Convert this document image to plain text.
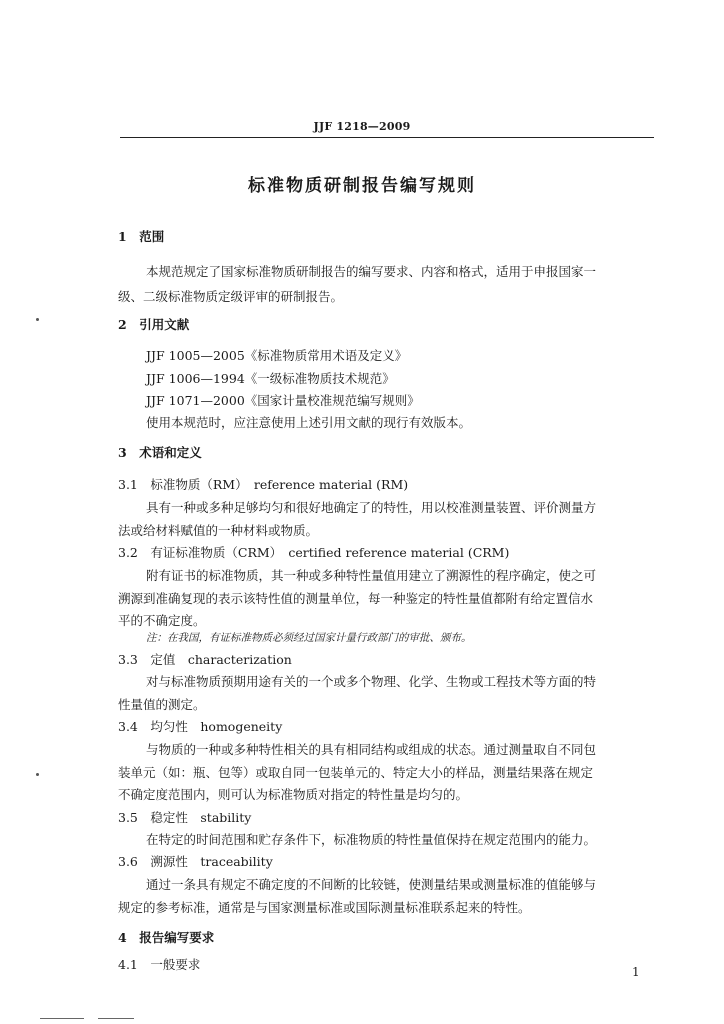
JJF 1218—2009
标准物质研制报告编写规则
1　范围
本规范规定了国家标准物质研制报告的编写要求、内容和格式，适用于申报国家一
级、二级标准物质定级评审的研制报告。
2　引用文献
JJF 1005—2005《标准物质常用术语及定义》
JJF 1006—1994《一级标准物质技术规范》
JJF 1071—2000《国家计量校准规范编写规则》
使用本规范时，应注意使用上述引用文献的现行有效版本。
3　术语和定义
3.1　标准物质（RM）　reference material (RM)
具有一种或多种足够均匀和很好地确定了的特性，用以校准测量装置、评价测量方
法或给材料赋值的一种材料或物质。
3.2　有证标准物质（CRM）　certified reference material (CRM)
附有证书的标准物质，其一种或多种特性量值用建立了溯源性的程序确定，使之可
溯源到准确复现的表示该特性值的测量单位，每一种鉴定的特性量值都附有给定置信水
平的不确定度。
注：在我国，有证标准物质必须经过国家计量行政部门的审批、颁布。
3.3　定值　characterization
对与标准物质预期用途有关的一个或多个物理、化学、生物或工程技术等方面的特
性量值的测定。
3.4　均匀性　homogeneity
与物质的一种或多种特性相关的具有相同结构或组成的状态。通过测量取自不同包
装单元（如：瓶、包等）或取自同一包装单元的、特定大小的样品，测量结果落在规定
不确定度范围内，则可认为标准物质对指定的特性量是均匀的。
3.5　稳定性　stability
在特定的时间范围和贮存条件下，标准物质的特性量值保持在规定范围内的能力。
3.6　溯源性　traceability
通过一条具有规定不确定度的不间断的比较链，使测量结果或测量标准的值能够与
规定的参考标准，通常是与国家测量标准或国际测量标准联系起来的特性。
4　报告编写要求
4.1　一般要求	1
